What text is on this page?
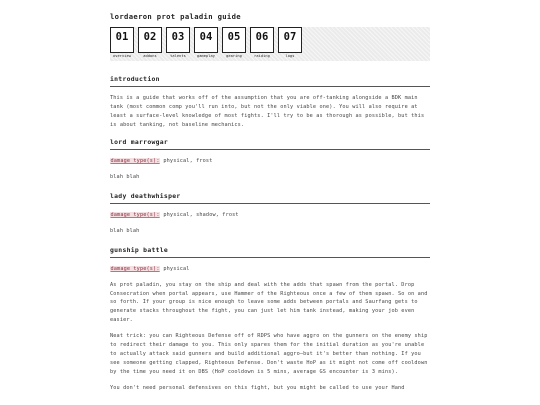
lordaeron prot paladin guide
01
overview
02
addons
03
talents
04
gameplay
05
gearing
06
raiding
07
logs
introduction
This is a guide that works off of the assumption that you are off-tanking alongside a BDK main tank (most common comp you'll run into, but not the only viable one). You will also require at least a surface-level knowledge of most fights. I'll try to be as thorough as possible, but this is about tanking, not baseline mechanics.
lord marrowgar
damage type(s): physical, frost
blah blah
lady deathwhisper
damage type(s): physical, shadow, frost
blah blah
gunship battle
damage type(s): physical
As prot paladin, you stay on the ship and deal with the adds that spawn from the portal. Drop Consecration when portal appears, use Hammer of the Righteous once a few of them spawn. So on and so forth. If your group is nice enough to leave some adds between portals and Saurfang gets to generate stacks throughout the fight, you can just let him tank instead, making your job even easier.
Neat trick: you can Righteous Defense off of RDPS who have aggro on the gunners on the enemy ship to redirect their damage to you. This only spares them for the initial duration as you're unable to actually attack said gunners and build additional aggro—but it's better than nothing. If you see someone getting clapped, Righteous Defense. Don't waste HoP as it might not come off cooldown by the time you need it on DBS (HoP cooldown is 5 mins, average GS encounter is 3 mins).
You don't need personal defensives on this fight, but you might be called to use your Hand
